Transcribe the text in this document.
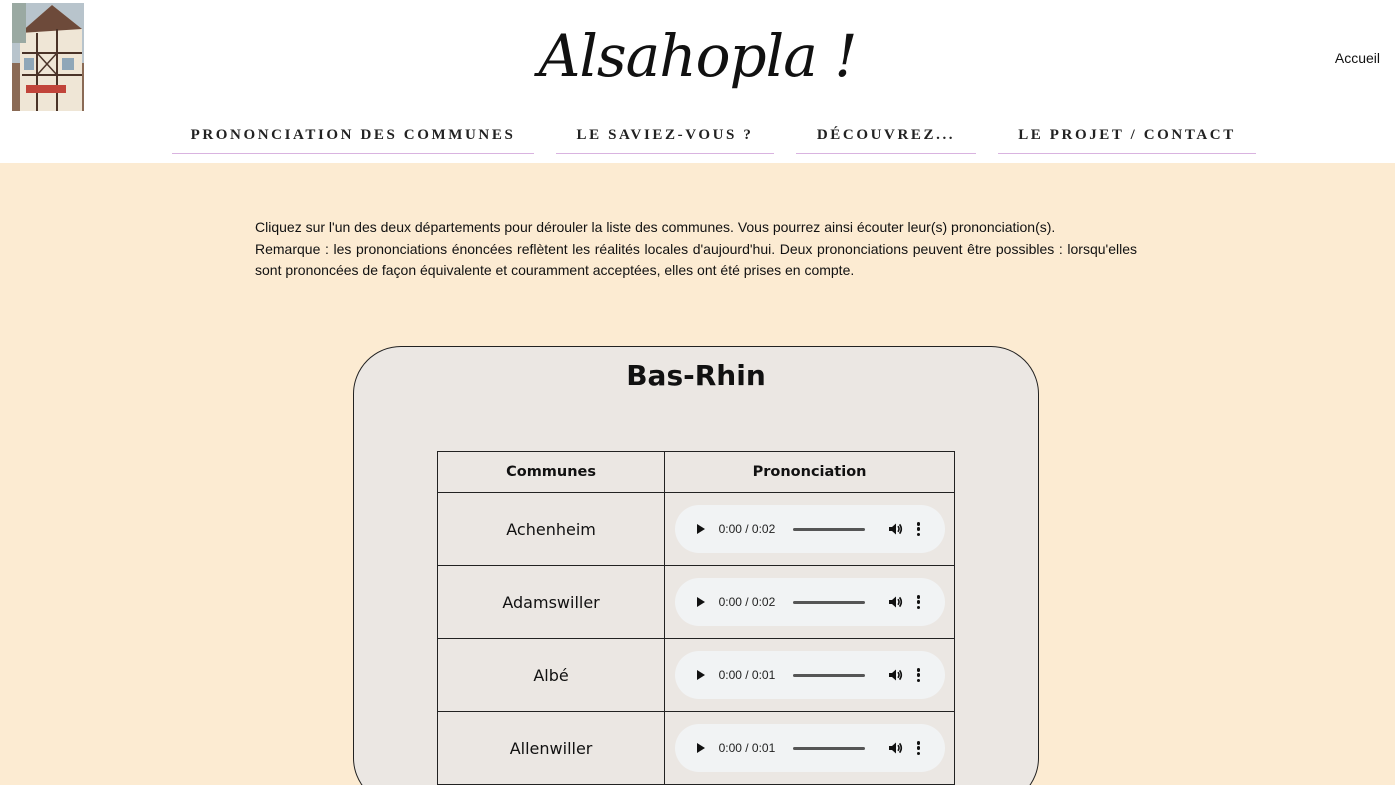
Alsahopla !	Accueil
PRONONCIATION DES COMMUNES	LE SAVIEZ-VOUS ?	DÉCOUVREZ...	LE PROJET / CONTACT

Cliquez sur l'un des deux départements pour dérouler la liste des communes. Vous pourrez ainsi écouter leur(s) prononciation(s).

Remarque : les prononciations énoncées reflètent les réalités locales d'aujourd'hui. Deux prononciations peuvent être possibles : lorsqu'elles sont prononcées de façon équivalente et couramment acceptées, elles ont été prises en compte.

Bas-Rhin
Communes	Prononciation
Achenheim	0:00 / 0:02

Adamswiller	0:00 / 0:02

Albé	0:00 / 0:01

Allenwiller	0:00 / 0:01
